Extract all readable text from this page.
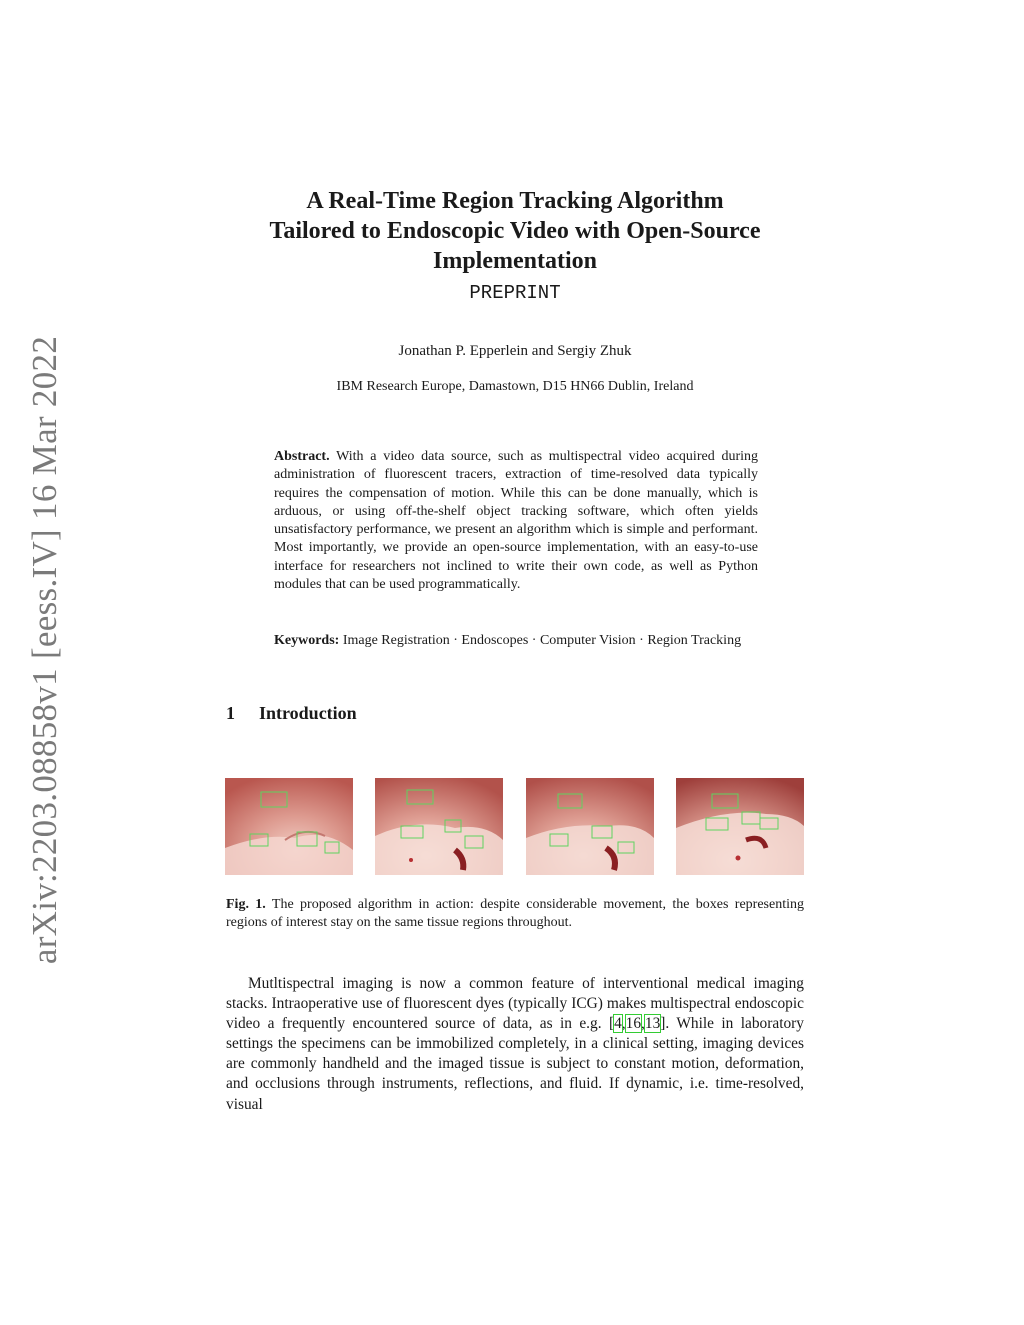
arXiv:2203.08858v1 [eess.IV] 16 Mar 2022
A Real-Time Region Tracking Algorithm
Tailored to Endoscopic Video with Open-Source
Implementation
PREPRINT
Jonathan P. Epperlein and Sergiy Zhuk
IBM Research Europe, Damastown, D15 HN66 Dublin, Ireland
Abstract. With a video data source, such as multispectral video acquired during administration of fluorescent tracers, extraction of time-resolved data typically requires the compensation of motion. While this can be done manually, which is arduous, or using off-the-shelf object tracking software, which often yields unsatisfactory performance, we present an algorithm which is simple and performant. Most importantly, we provide an open-source implementation, with an easy-to-use interface for researchers not inclined to write their own code, as well as Python modules that can be used programmatically.
Keywords: Image Registration · Endoscopes · Computer Vision · Region Tracking
1 Introduction
Fig. 1. The proposed algorithm in action: despite considerable movement, the boxes representing regions of interest stay on the same tissue regions throughout.
Mutltispectral imaging is now a common feature of interventional medical imaging stacks. Intraoperative use of fluorescent dyes (typically ICG) makes multispectral endoscopic video a frequently encountered source of data, as in e.g. [4,16,13]. While in laboratory settings the specimens can be immobilized completely, in a clinical setting, imaging devices are commonly handheld and the imaged tissue is subject to constant motion, deformation, and occlusions through instruments, reflections, and fluid. If dynamic, i.e. time-resolved, visual
